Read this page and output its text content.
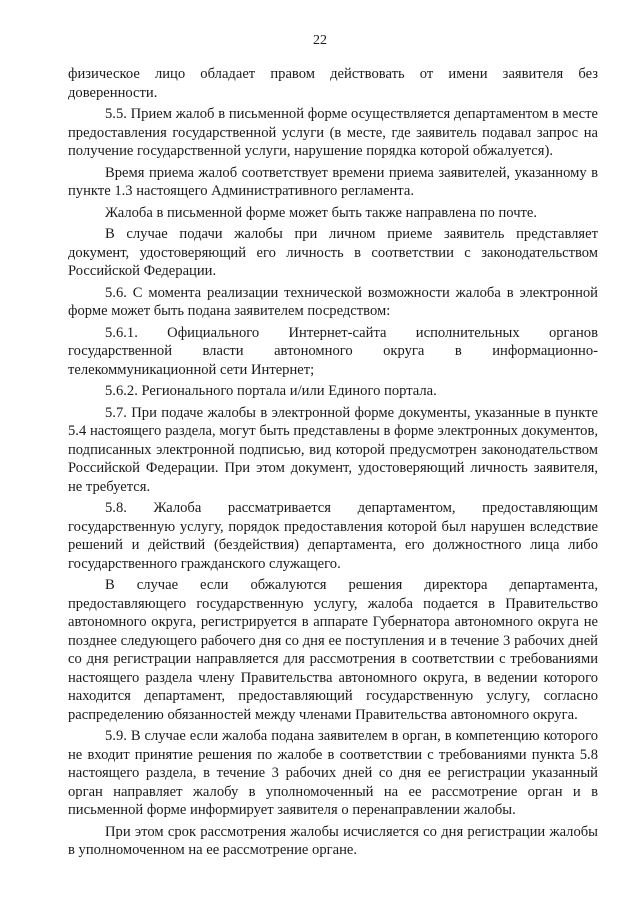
22

физическое лицо обладает правом действовать от имени заявителя без доверенности.

5.5. Прием жалоб в письменной форме осуществляется департаментом в месте предоставления государственной услуги (в месте, где заявитель подавал запрос на получение государственной услуги, нарушение порядка которой обжалуется).

Время приема жалоб соответствует времени приема заявителей, указанному в пункте 1.3 настоящего Административного регламента.

Жалоба в письменной форме может быть также направлена по почте.

В случае подачи жалобы при личном приеме заявитель представляет документ, удостоверяющий его личность в соответствии с законодательством Российской Федерации.

5.6. С момента реализации технической возможности жалоба в электронной форме может быть подана заявителем посредством:

5.6.1. Официального Интернет-сайта исполнительных органов государственной власти автономного округа в информационно-телекоммуникационной сети Интернет;

5.6.2. Регионального портала и/или Единого портала.

5.7. При подаче жалобы в электронной форме документы, указанные в пункте 5.4 настоящего раздела, могут быть представлены в форме электронных документов, подписанных электронной подписью, вид которой предусмотрен законодательством Российской Федерации. При этом документ, удостоверяющий личность заявителя, не требуется.

5.8. Жалоба рассматривается департаментом, предоставляющим государственную услугу, порядок предоставления которой был нарушен вследствие решений и действий (бездействия) департамента, его должностного лица либо государственного гражданского служащего.

В случае если обжалуются решения директора департамента, предоставляющего государственную услугу, жалоба подается в Правительство автономного округа, регистрируется в аппарате Губернатора автономного округа не позднее следующего рабочего дня со дня ее поступления и в течение 3 рабочих дней со дня регистрации направляется для рассмотрения в соответствии с требованиями настоящего раздела члену Правительства автономного округа, в ведении которого находится департамент, предоставляющий государственную услугу, согласно распределению обязанностей между членами Правительства автономного округа.

5.9. В случае если жалоба подана заявителем в орган, в компетенцию которого не входит принятие решения по жалобе в соответствии с требованиями пункта 5.8 настоящего раздела, в течение 3 рабочих дней со дня ее регистрации указанный орган направляет жалобу в уполномоченный на ее рассмотрение орган и в письменной форме информирует заявителя о перенаправлении жалобы.

При этом срок рассмотрения жалобы исчисляется со дня регистрации жалобы в уполномоченном на ее рассмотрение органе.
